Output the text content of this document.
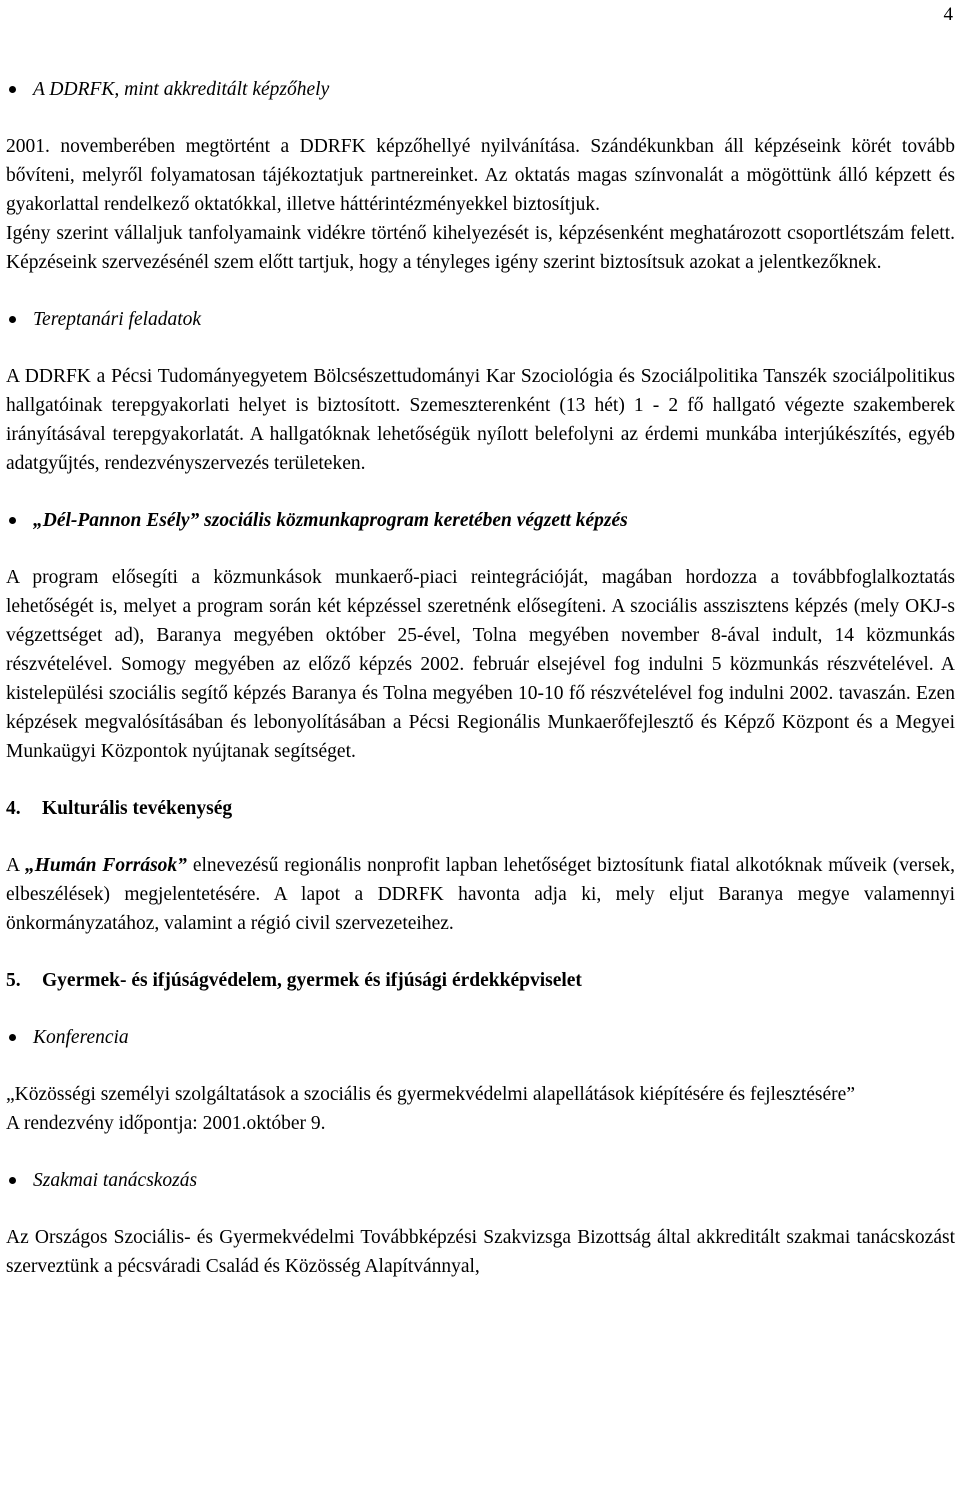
4
A DDRFK, mint akkreditált képzőhely

2001. novemberében megtörtént a DDRFK képzőhellyé nyilvánítása. Szándékunkban áll képzéseink körét tovább bővíteni, melyről folyamatosan tájékoztatjuk partnereinket. Az oktatás magas színvonalát a mögöttünk álló képzett és gyakorlattal rendelkező oktatókkal, illetve háttérintézményekkel biztosítjuk.

Igény szerint vállaljuk tanfolyamaink vidékre történő kihelyezését is, képzésenként meghatározott csoportlétszám felett. Képzéseink szervezésénél szem előtt tartjuk, hogy a tényleges igény szerint biztosítsuk azokat a jelentkezőknek.

Tereptanári feladatok

A DDRFK a Pécsi Tudományegyetem Bölcsészettudományi Kar Szociológia és Szociálpolitika Tanszék szociálpolitikus hallgatóinak terepgyakorlati helyet is biztosított. Szemeszterenként (13 hét) 1 - 2 fő hallgató végezte szakemberek irányításával terepgyakorlatát. A hallgatóknak lehetőségük nyílott belefolyni az érdemi munkába interjúkészítés, egyéb adatgyűjtés, rendezvényszervezés területeken.

„Dél-Pannon Esély” szociális közmunkaprogram keretében végzett képzés

A program elősegíti a közmunkások munkaerő-piaci reintegrációját, magában hordozza a továbbfoglalkoztatás lehetőségét is, melyet a program során két képzéssel szeretnénk elősegíteni. A szociális asszisztens képzés (mely OKJ-s végzettséget ad), Baranya megyében október 25-ével, Tolna megyében november 8-ával indult, 14 közmunkás részvételével. Somogy megyében az előző képzés 2002. február elsejével fog indulni 5 közmunkás részvételével. A kistelepülési szociális segítő képzés Baranya és Tolna megyében 10-10 fő részvételével fog indulni 2002. tavaszán. Ezen képzések megvalósításában és lebonyolításában a Pécsi Regionális Munkaerőfejlesztő és Képző Központ és a Megyei Munkaügyi Központok nyújtanak segítséget.

4. Kulturális tevékenység

A „Humán Források” elnevezésű regionális nonprofit lapban lehetőséget biztosítunk fiatal alkotóknak műveik (versek, elbeszélések) megjelentetésére. A lapot a DDRFK havonta adja ki, mely eljut Baranya megye valamennyi önkormányzatához, valamint a régió civil szervezeteihez.

5. Gyermek- és ifjúságvédelem, gyermek és ifjúsági érdekképviselet
Konferencia

„Közösségi személyi szolgáltatások a szociális és gyermekvédelmi alapellátások kiépítésére és fejlesztésére”

A rendezvény időpontja: 2001.október 9.

Szakmai tanácskozás

Az Országos Szociális- és Gyermekvédelmi Továbbképzési Szakvizsga Bizottság által akkreditált szakmai tanácskozást szerveztünk a pécsváradi Család és Közösség Alapítvánnyal,
